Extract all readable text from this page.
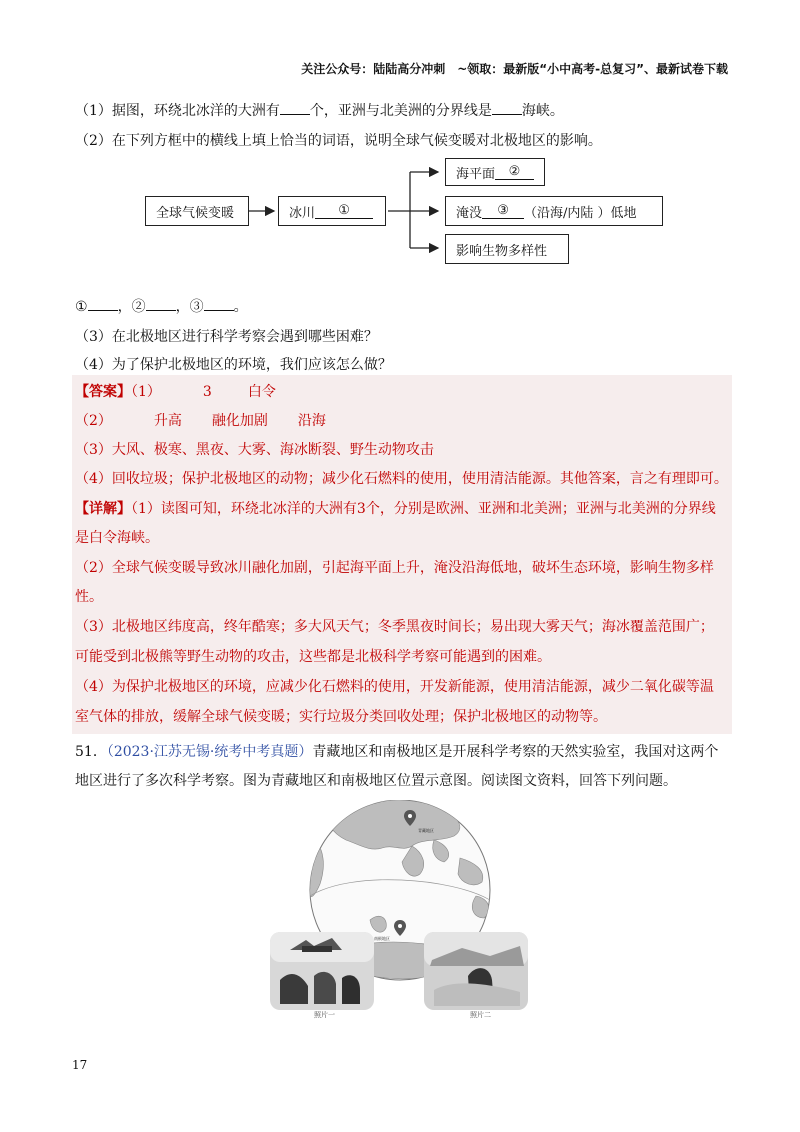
关注公众号：陆陆高分冲刺　~领取：最新版“小中高考-总复习”、最新试卷下载
（1）据图，环绕北冰洋的大洲有 个，亚洲与北美洲的分界线是 海峡。
（2）在下列方框中的横线上填上恰当的词语，说明全球气候变暖对北极地区的影响。
全球气候变暖	冰川	①
海平面	②
淹没	③	（沿海/内陆 ）低地
影响生物多样性
① ，② ，③ 。
（3）在北极地区进行科学考察会遇到哪些困难？
（4）为了保护北极地区的环境，我们应该怎么做？
【答案】（1）	3	白令
（2）	升高 融化加剧 沿海
（3）大风、极寒、黑夜、大雾、海冰断裂、野生动物攻击
（4）回收垃圾；保护北极地区的动物；减少化石燃料的使用，使用清洁能源。其他答案，言之有理即可。
【详解】（1）读图可知，环绕北冰洋的大洲有3个，分别是欧洲、亚洲和北美洲；亚洲与北美洲的分界线
是白令海峡。
（2）全球气候变暖导致冰川融化加剧，引起海平面上升，淹没沿海低地，破坏生态环境，影响生物多样
性。
（3）北极地区纬度高，终年酷寒；多大风天气；冬季黑夜时间长；易出现大雾天气；海冰覆盖范围广；
可能受到北极熊等野生动物的攻击，这些都是北极科学考察可能遇到的困难。
（4）为保护北极地区的环境，应减少化石燃料的使用，开发新能源，使用清洁能源，减少二氧化碳等温
室气体的排放，缓解全球气候变暖；实行垃圾分类回收处理；保护北极地区的动物等。
51．（2023·江苏无锡·统考中考真题）青藏地区和南极地区是开展科学考察的天然实验室，我国对这两个
地区进行了多次科学考察。图为青藏地区和南极地区位置示意图。阅读图文资料，回答下列问题。
青藏地区
南极地区
照片一	照片二
17
